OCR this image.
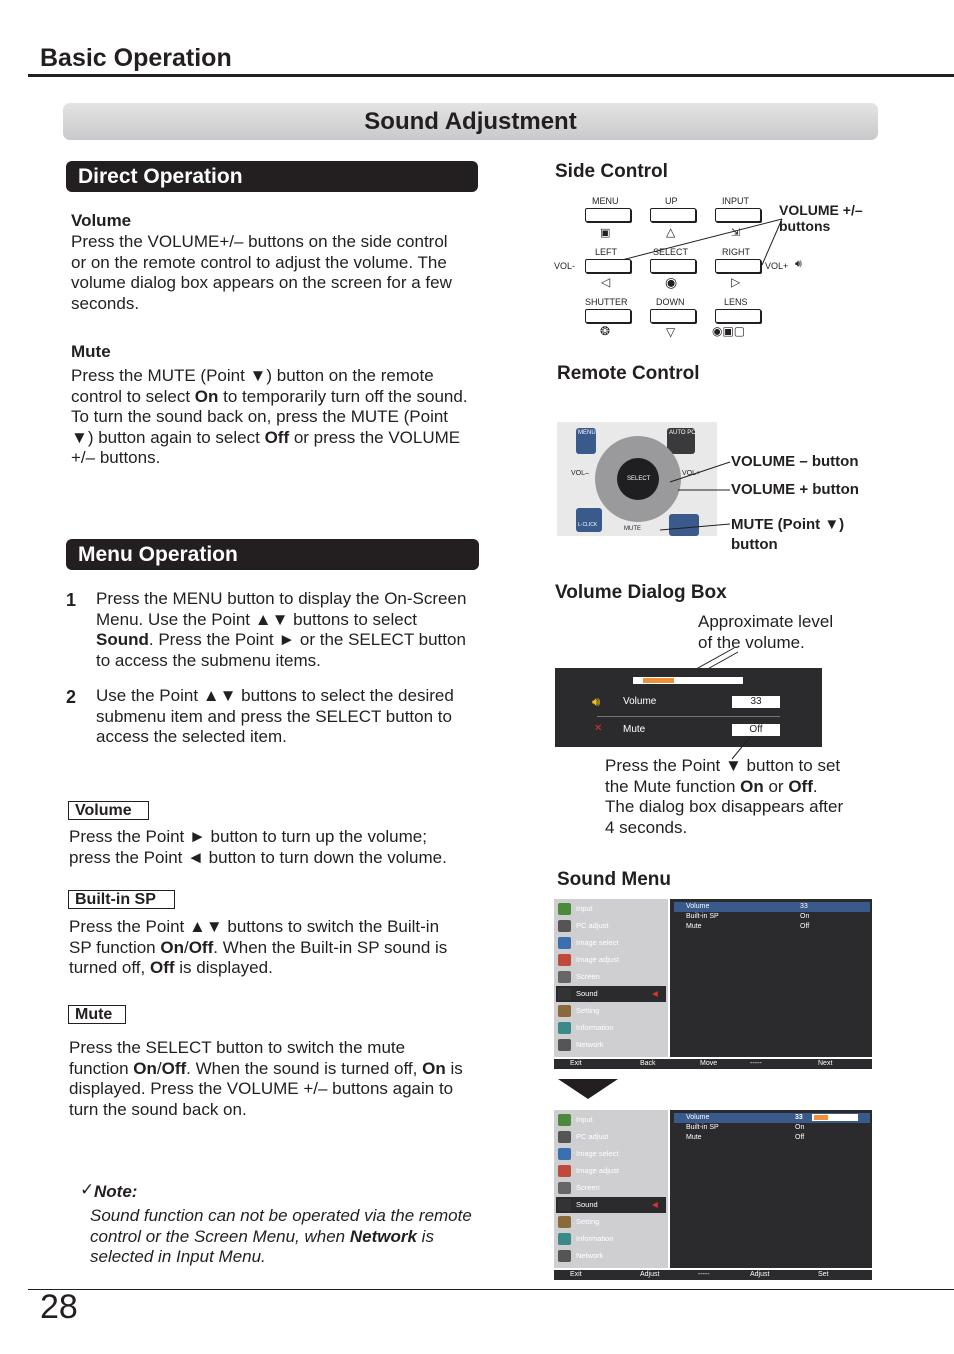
Basic Operation
Sound Adjustment
Direct Operation
Volume
Press the VOLUME+/– buttons on the side control
or on the remote control to adjust the volume. The
volume dialog box appears on the screen for a few
seconds.
Mute
Press the MUTE (Point ▼) button on the remote
control to select On to temporarily turn off the sound.
To turn the sound back on, press the MUTE (Point
▼) button again to select Off or press the VOLUME
+/– buttons.
Menu Operation
1 Press the MENU button to display the On-Screen
Menu. Use the Point ▲▼ buttons to select
Sound. Press the Point ► or the SELECT button
to access the submenu items.
2 Use the Point ▲▼ buttons to select the desired
submenu item and press the SELECT button to
access the selected item.
Volume
Press the Point ► button to turn up the volume;
press the Point ◄ button to turn down the volume.
Built-in SP
Press the Point ▲▼ buttons to switch the Built-in
SP function On/Off. When the Built-in SP sound is
turned off, Off is displayed.
Mute
Press the SELECT button to switch the mute
function On/Off. When the sound is turned off, On is
displayed. Press the VOLUME +/– buttons again to
turn the sound back on.
✓ Note:
Sound function can not be operated via the remote
control or the Screen Menu, when Network is
selected in Input Menu.
Side Control
MENU
▣
UP
△
INPUT
⇲
LEFT
VOL-
◁
SELECT
◉
RIGHT
VOL+ 🔊︎
▷
SHUTTER
❂
DOWN
▽
LENS
◉▣▢
VOLUME +/–
buttons
Remote Control
MENU	AUTO PC
SELECT
VOL–	VOL+
L-CLICK
MUTE
VOLUME – button
VOLUME + button
MUTE (Point ▼)
button
Volume Dialog Box
Approximate level
of the volume.
🔊︎ Volume	33
✕ Mute	Off
Press the Point ▼ button to set
the Mute function On or Off.
The dialog box disappears after
4 seconds.
Sound Menu
Input
PC adjust
Image select
Image adjust
Screen
Sound	◀
Setting
Information
Network
Volume	33
Built-in SP	On
Mute	Off
Exit	Back	Move	-----	Next
Input
PC adjust
Image select
Image adjust
Screen
Sound	◀
Setting
Information
Network
Volume	33
Built-in SP	On
Mute	Off
Exit	Adjust	-----	Adjust	Set
28
